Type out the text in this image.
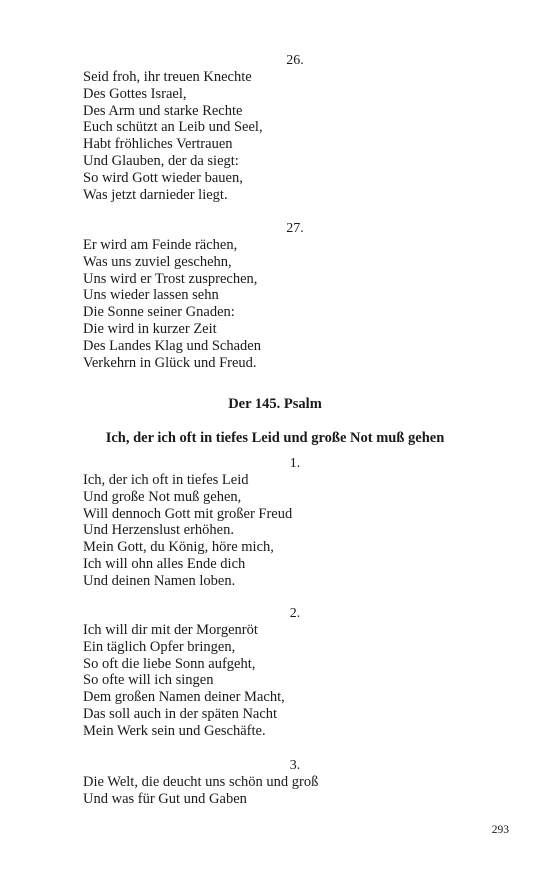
26.
Seid froh, ihr treuen Knechte
Des Gottes Israel,
Des Arm und starke Rechte
Euch schützt an Leib und Seel,
Habt fröhliches Vertrauen
Und Glauben, der da siegt:
So wird Gott wieder bauen,
Was jetzt darnieder liegt.
27.
Er wird am Feinde rächen,
Was uns zuviel geschehn,
Uns wird er Trost zusprechen,
Uns wieder lassen sehn
Die Sonne seiner Gnaden:
Die wird in kurzer Zeit
Des Landes Klag und Schaden
Verkehrn in Glück und Freud.
Der 145. Psalm
Ich, der ich oft in tiefes Leid und große Not muß gehen
1.
Ich, der ich oft in tiefes Leid
Und große Not muß gehen,
Will dennoch Gott mit großer Freud
Und Herzenslust erhöhen.
Mein Gott, du König, höre mich,
Ich will ohn alles Ende dich
Und deinen Namen loben.
2.
Ich will dir mit der Morgenröt
Ein täglich Opfer bringen,
So oft die liebe Sonn aufgeht,
So ofte will ich singen
Dem großen Namen deiner Macht,
Das soll auch in der späten Nacht
Mein Werk sein und Geschäfte.
3.
Die Welt, die deucht uns schön und groß
Und was für Gut und Gaben
293
